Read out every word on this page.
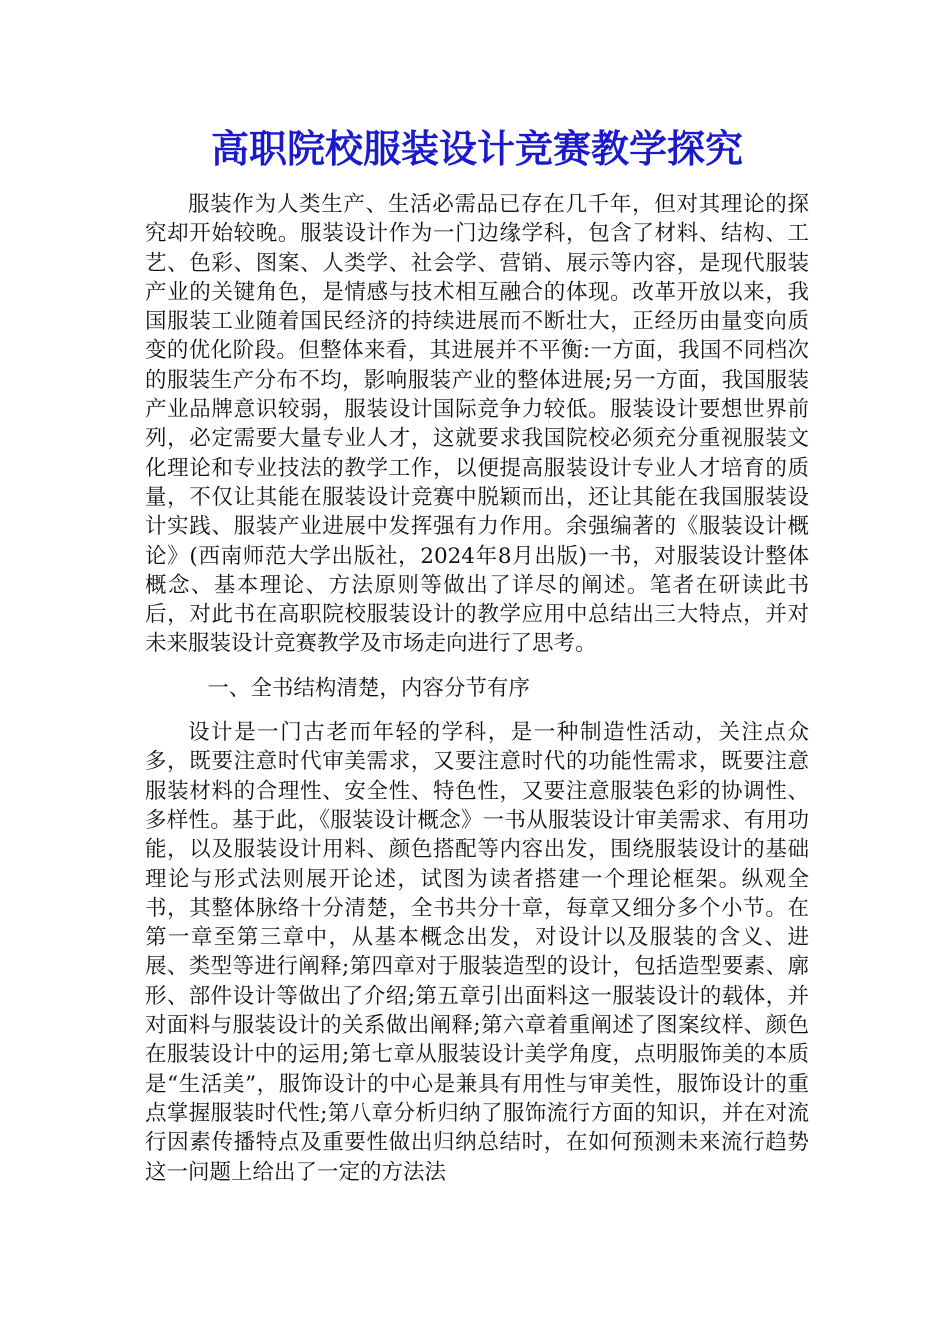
高职院校服装设计竞赛教学探究

服装作为人类生产、生活必需品已存在几千年，但对其理论的探究却开始较晚。服装设计作为一门边缘学科，包含了材料、结构、工艺、色彩、图案、人类学、社会学、营销、展示等内容，是现代服装产业的关键角色，是情感与技术相互融合的体现。改革开放以来，我国服装工业随着国民经济的持续进展而不断壮大，正经历由量变向质变的优化阶段。但整体来看，其进展并不平衡:一方面，我国不同档次的服装生产分布不均，影响服装产业的整体进展;另一方面，我国服装产业品牌意识较弱，服装设计国际竞争力较低。服装设计要想世界前列，必定需要大量专业人才，这就要求我国院校必须充分重视服装文化理论和专业技法的教学工作，以便提高服装设计专业人才培育的质量，不仅让其能在服装设计竞赛中脱颖而出，还让其能在我国服装设计实践、服装产业进展中发挥强有力作用。余强编著的《服装设计概论》(西南师范大学出版社，2024年8月出版)一书，对服装设计整体概念、基本理论、方法原则等做出了详尽的阐述。笔者在研读此书后，对此书在高职院校服装设计的教学应用中总结出三大特点，并对未来服装设计竞赛教学及市场走向进行了思考。

一、全书结构清楚，内容分节有序

设计是一门古老而年轻的学科，是一种制造性活动，关注点众多，既要注意时代审美需求，又要注意时代的功能性需求，既要注意服装材料的合理性、安全性、特色性，又要注意服装色彩的协调性、多样性。基于此，《服装设计概念》一书从服装设计审美需求、有用功能，以及服装设计用料、颜色搭配等内容出发，围绕服装设计的基础理论与形式法则展开论述，试图为读者搭建一个理论框架。纵观全书，其整体脉络十分清楚，全书共分十章，每章又细分多个小节。在第一章至第三章中，从基本概念出发，对设计以及服装的含义、进展、类型等进行阐释;第四章对于服装造型的设计，包括造型要素、廓形、部件设计等做出了介绍;第五章引出面料这一服装设计的载体，并对面料与服装设计的关系做出阐释;第六章着重阐述了图案纹样、颜色在服装设计中的运用;第七章从服装设计美学角度，点明服饰美的本质是“生活美”，服饰设计的中心是兼具有用性与审美性，服饰设计的重点掌握服装时代性;第八章分析归纳了服饰流行方面的知识，并在对流行因素传播特点及重要性做出归纳总结时，在如何预测未来流行趋势这一问题上给出了一定的方法法
